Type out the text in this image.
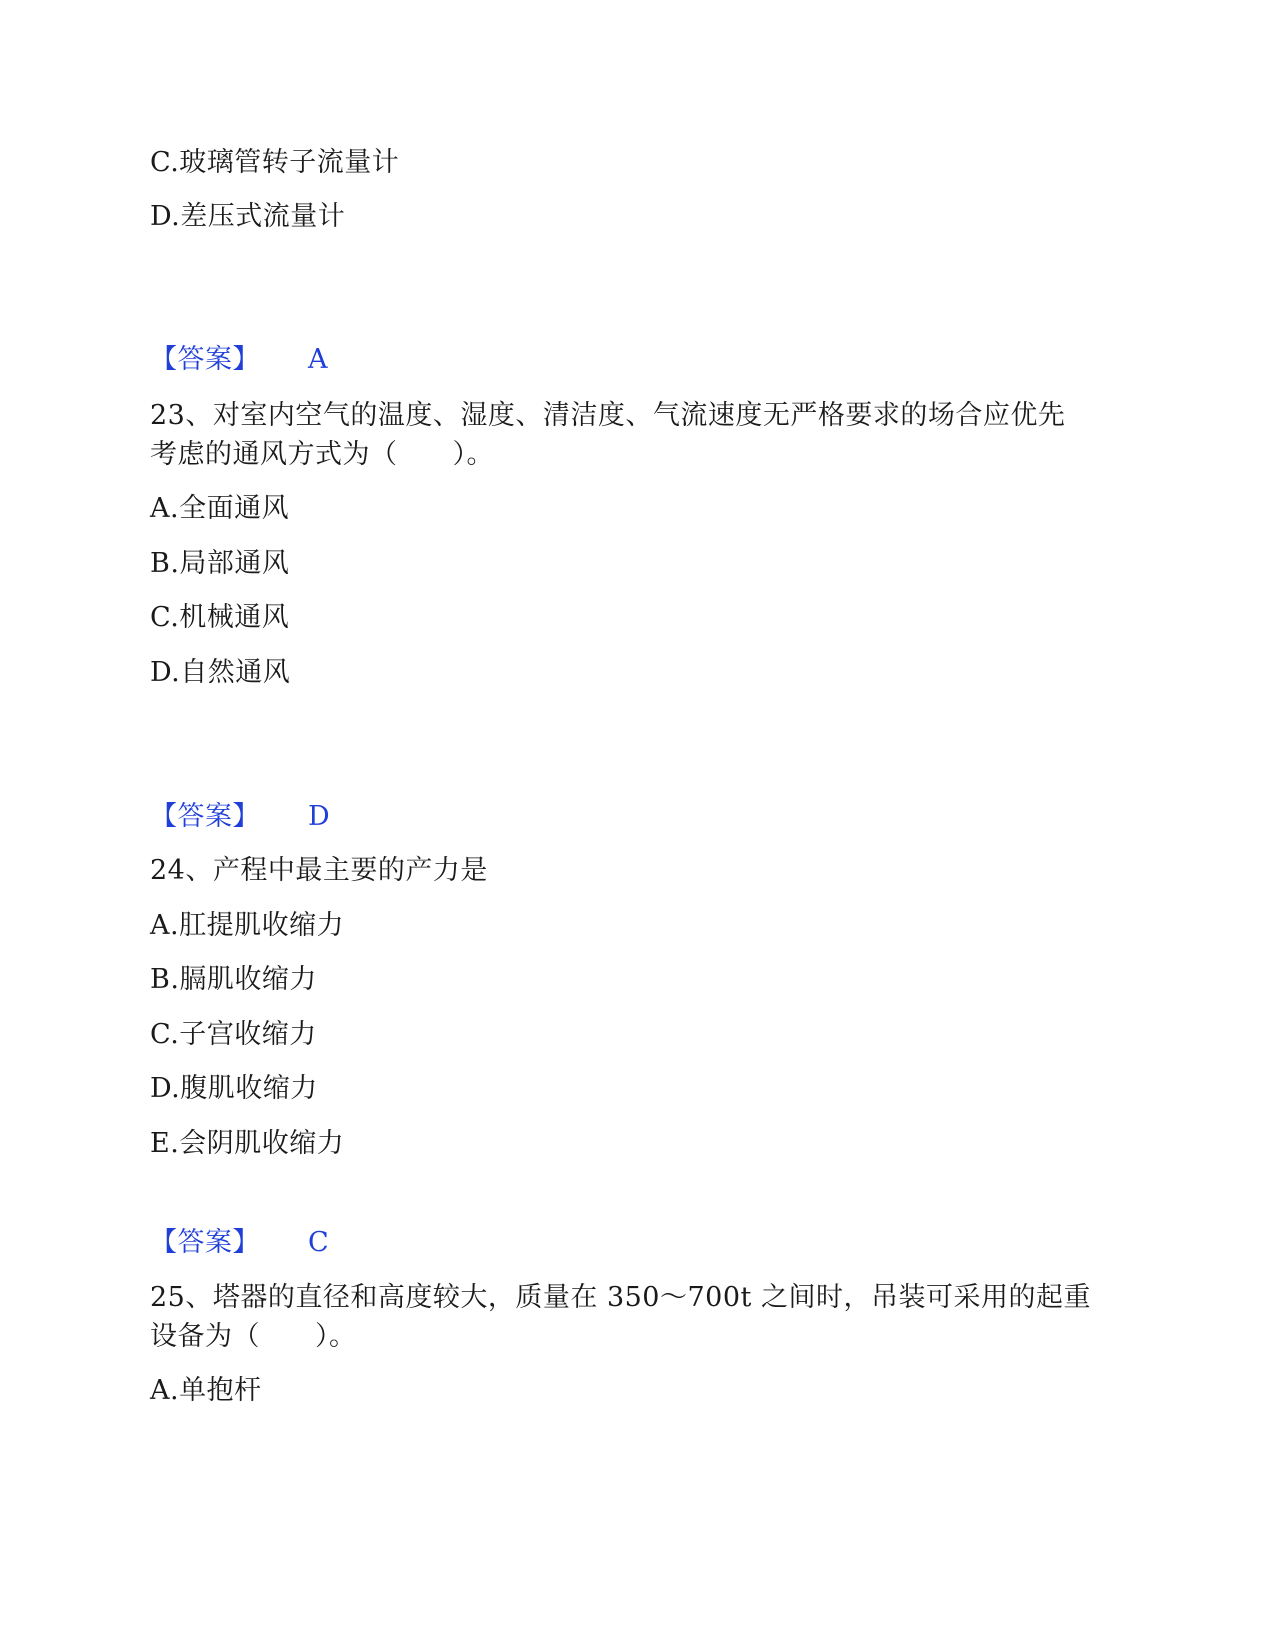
C.玻璃管转子流量计
D.差压式流量计
【答案】 A
23、对室内空气的温度、湿度、清洁度、气流速度无严格要求的场合应优先
考虑的通风方式为（　　）。
A.全面通风
B.局部通风
C.机械通风
D.自然通风
【答案】 D
24、产程中最主要的产力是
A.肛提肌收缩力
B.膈肌收缩力
C.子宫收缩力
D.腹肌收缩力
E.会阴肌收缩力
【答案】 C
25、塔器的直径和高度较大，质量在 350～700t 之间时，吊装可采用的起重
设备为（　　）。
A.单抱杆
